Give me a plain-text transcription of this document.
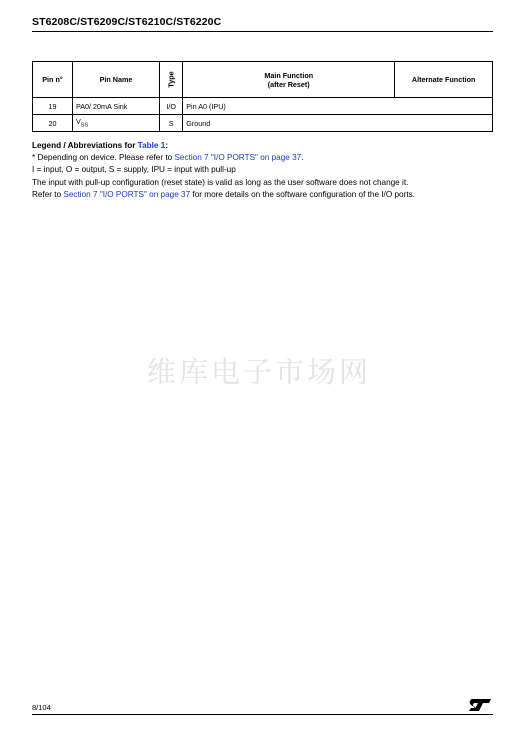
ST6208C/ST6209C/ST6210C/ST6220C
Pin n°	Pin Name	Type	Main Function
(after Reset)	Alternate Function
19	PA0/ 20mA Sink	I/O	Pin A0 (IPU)	
20	$V_{SS}$	S	Ground	

Legend / Abbreviations for Table 1:

* Depending on device. Please refer to Section 7 "I/O PORTS" on page 37.

I = input, O = output, S = supply, IPU = input with pull-up

The input with pull-up configuration (reset state) is valid as long as the user software does not change it.

Refer to Section 7 "I/O PORTS" on page 37 for more details on the software configuration of the I/O ports.

维库电子市场网
8/104
